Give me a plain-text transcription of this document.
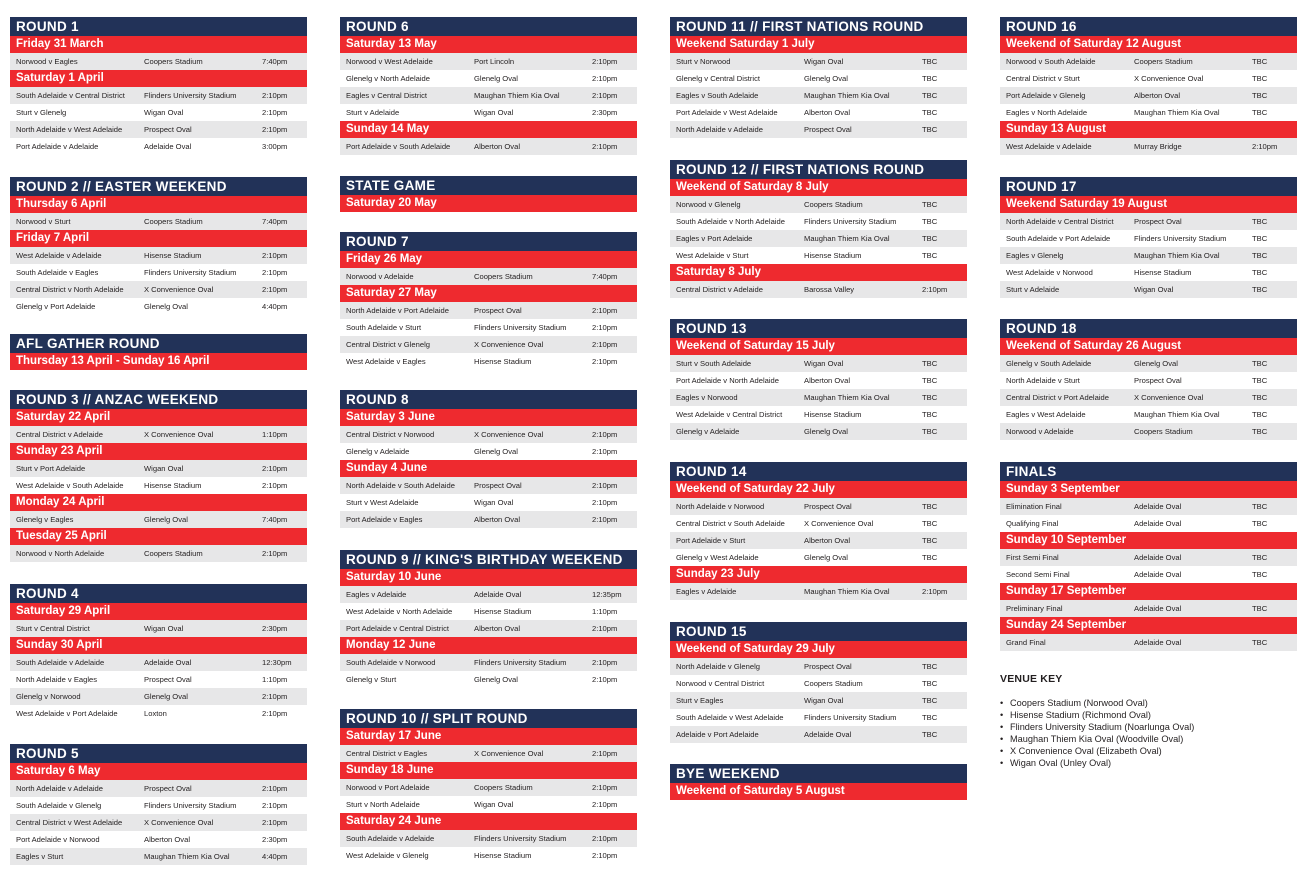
ROUND 1
Friday 31 March
Norwood v Eagles	Coopers Stadium	7:40pm
Saturday 1 April
South Adelaide v Central District	Flinders University Stadium	2:10pm
Sturt v Glenelg	Wigan Oval	2:10pm
North Adelaide v West Adelaide	Prospect Oval	2:10pm
Port Adelaide v Adelaide	Adelaide Oval	3:00pm
ROUND 2 // EASTER WEEKEND
Thursday 6 April
Norwood v Sturt	Coopers Stadium	7:40pm
Friday 7 April
West Adelaide v Adelaide	Hisense Stadium	2:10pm
South Adelaide v Eagles	Flinders University Stadium	2:10pm
Central District v North Adelaide	X Convenience Oval	2:10pm
Glenelg v Port Adelaide	Glenelg Oval	4:40pm
AFL GATHER ROUND
Thursday 13 April - Sunday 16 April
ROUND 3 // ANZAC WEEKEND
Saturday 22 April
Central District v Adelaide	X Convenience Oval	1:10pm
Sunday 23 April
Sturt v Port Adelaide	Wigan Oval	2:10pm
West Adelaide v South Adelaide	Hisense Stadium	2:10pm
Monday 24 April
Glenelg v Eagles	Glenelg Oval	7:40pm
Tuesday 25 April
Norwood v North Adelaide	Coopers Stadium	2:10pm
ROUND 4
Saturday 29 April
Sturt v Central District	Wigan Oval	2:30pm
Sunday 30 April
South Adelaide v Adelaide	Adelaide Oval	12:30pm
North Adelaide v Eagles	Prospect Oval	1:10pm
Glenelg v Norwood	Glenelg Oval	2:10pm
West Adelaide v Port Adelaide	Loxton	2:10pm
ROUND 5
Saturday 6 May
North Adelaide v Adelaide	Prospect Oval	2:10pm
South Adelaide v Glenelg	Flinders University Stadium	2:10pm
Central District v West Adelaide	X Convenience Oval	2:10pm
Port Adelaide v Norwood	Alberton Oval	2:30pm
Eagles v Sturt	Maughan Thiem Kia Oval	4:40pm
ROUND 6
Saturday 13 May
Norwood v West Adelaide	Port Lincoln	2:10pm
Glenelg v North Adelaide	Glenelg Oval	2:10pm
Eagles v Central District	Maughan Thiem Kia Oval	2:10pm
Sturt v Adelaide	Wigan Oval	2:30pm
Sunday 14 May
Port Adelaide v South Adelaide	Alberton Oval	2:10pm
STATE GAME
Saturday 20 May
ROUND 7
Friday 26 May
Norwood v Adelaide	Coopers Stadium	7:40pm
Saturday 27 May
North Adelaide v Port Adelaide	Prospect Oval	2:10pm
South Adelaide v Sturt	Flinders University Stadium	2:10pm
Central District v Glenelg	X Convenience Oval	2:10pm
West Adelaide v Eagles	Hisense Stadium	2:10pm
ROUND 8
Saturday 3 June
Central District v Norwood	X Convenience Oval	2:10pm
Glenelg v Adelaide	Glenelg Oval	2:10pm
Sunday 4 June
North Adelaide v South Adelaide	Prospect Oval	2:10pm
Sturt v West Adelaide	Wigan Oval	2:10pm
Port Adelaide v Eagles	Alberton Oval	2:10pm
ROUND 9 // KING'S BIRTHDAY WEEKEND
Saturday 10 June
Eagles v Adelaide	Adelaide Oval	12:35pm
West Adelaide v North Adelaide	Hisense Stadium	1:10pm
Port Adelaide v Central District	Alberton Oval	2:10pm
Monday 12 June
South Adelaide v Norwood	Flinders University Stadium	2:10pm
Glenelg v Sturt	Glenelg Oval	2:10pm
ROUND 10 // SPLIT ROUND
Saturday 17 June
Central District v Eagles	X Convenience Oval	2:10pm
Sunday 18 June
Norwood v Port Adelaide	Coopers Stadium	2:10pm
Sturt v North Adelaide	Wigan Oval	2:10pm
Saturday 24 June
South Adelaide v Adelaide	Flinders University Stadium	2:10pm
West Adelaide v Glenelg	Hisense Stadium	2:10pm
ROUND 11 // FIRST NATIONS ROUND
Weekend Saturday 1 July
Sturt v Norwood	Wigan Oval	TBC
Glenelg v Central District	Glenelg Oval	TBC
Eagles v South Adelaide	Maughan Thiem Kia Oval	TBC
Port Adelaide v West Adelaide	Alberton Oval	TBC
North Adelaide v Adelaide	Prospect Oval	TBC
ROUND 12 // FIRST NATIONS ROUND
Weekend of Saturday 8 July
Norwood v Glenelg	Coopers Stadium	TBC
South Adelaide v North Adelaide	Flinders University Stadium	TBC
Eagles v Port Adelaide	Maughan Thiem Kia Oval	TBC
West Adelaide v Sturt	Hisense Stadium	TBC
Saturday 8 July
Central District v Adelaide	Barossa Valley	2:10pm
ROUND 13
Weekend of Saturday 15 July
Sturt v South Adelaide	Wigan Oval	TBC
Port Adelaide v North Adelaide	Alberton Oval	TBC
Eagles v Norwood	Maughan Thiem Kia Oval	TBC
West Adelaide v Central District	Hisense Stadium	TBC
Glenelg v Adelaide	Glenelg Oval	TBC
ROUND 14
Weekend of Saturday 22 July
North Adelaide v Norwood	Prospect Oval	TBC
Central District v South Adelaide	X Convenience Oval	TBC
Port Adelaide v Sturt	Alberton Oval	TBC
Glenelg v West Adelaide	Glenelg Oval	TBC
Sunday 23 July
Eagles v Adelaide	Maughan Thiem Kia Oval	2:10pm
ROUND 15
Weekend of Saturday 29 July
North Adelaide v Glenelg	Prospect Oval	TBC
Norwood v Central District	Coopers Stadium	TBC
Sturt v Eagles	Wigan Oval	TBC
South Adelaide v West Adelaide	Flinders University Stadium	TBC
Adelaide v Port Adelaide	Adelaide Oval	TBC
BYE WEEKEND
Weekend of Saturday 5 August
ROUND 16
Weekend of Saturday 12 August
Norwood v South Adelaide	Coopers Stadium	TBC
Central District v Sturt	X Convenience Oval	TBC
Port Adelaide v Glenelg	Alberton Oval	TBC
Eagles v North Adelaide	Maughan Thiem Kia Oval	TBC
Sunday 13 August
West Adelaide v Adelaide	Murray Bridge	2:10pm
ROUND 17
Weekend Saturday 19 August
North Adelaide v Central District	Prospect Oval	TBC
South Adelaide v Port Adelaide	Flinders University Stadium	TBC
Eagles v Glenelg	Maughan Thiem Kia Oval	TBC
West Adelaide v Norwood	Hisense Stadium	TBC
Sturt v Adelaide	Wigan Oval	TBC
ROUND 18
Weekend of Saturday 26 August
Glenelg v South Adelaide	Glenelg Oval	TBC
North Adelaide v Sturt	Prospect Oval	TBC
Central District v Port Adelaide	X Convenience Oval	TBC
Eagles v West Adelaide	Maughan Thiem Kia Oval	TBC
Norwood v Adelaide	Coopers Stadium	TBC
FINALS
Sunday 3 September
Elimination Final	Adelaide Oval	TBC
Qualifying Final	Adelaide Oval	TBC
Sunday 10 September
First Semi Final	Adelaide Oval	TBC
Second Semi Final	Adelaide Oval	TBC
Sunday 17 September
Preliminary Final	Adelaide Oval	TBC
Sunday 24 September
Grand Final	Adelaide Oval	TBC
VENUE KEY
• Coopers Stadium (Norwood Oval)
• Hisense Stadium (Richmond Oval)
• Flinders University Stadium (Noarlunga Oval)
• Maughan Thiem Kia Oval (Woodville Oval)
• X Convenience Oval (Elizabeth Oval)
• Wigan Oval (Unley Oval)
